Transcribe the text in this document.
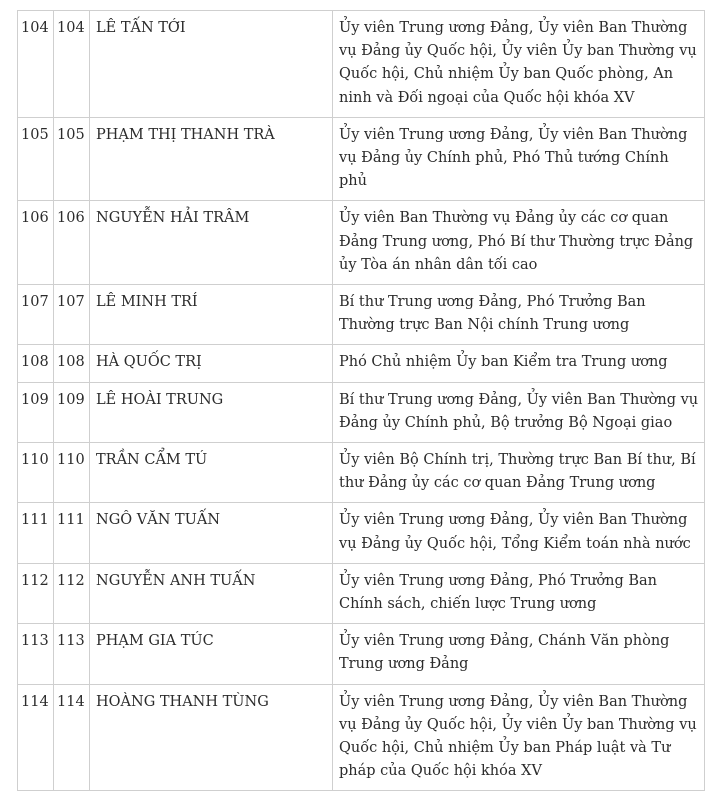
104	104	LÊ TẤN TỚI	Ủy viên Trung ương Đảng, Ủy viên Ban Thường vụ Đảng ủy Quốc hội, Ủy viên Ủy ban Thường vụ Quốc hội, Chủ nhiệm Ủy ban Quốc phòng, An ninh và Đối ngoại của Quốc hội khóa XV
105	105	PHẠM THỊ THANH TRÀ	Ủy viên Trung ương Đảng, Ủy viên Ban Thường vụ Đảng ủy Chính phủ, Phó Thủ tướng Chính phủ
106	106	NGUYỄN HẢI TRÂM	Ủy viên Ban Thường vụ Đảng ủy các cơ quan Đảng Trung ương, Phó Bí thư Thường trực Đảng ủy Tòa án nhân dân tối cao
107	107	LÊ MINH TRÍ	Bí thư Trung ương Đảng, Phó Trưởng Ban Thường trực Ban Nội chính Trung ương
108	108	HÀ QUỐC TRỊ	Phó Chủ nhiệm Ủy ban Kiểm tra Trung ương
109	109	LÊ HOÀI TRUNG	Bí thư Trung ương Đảng, Ủy viên Ban Thường vụ Đảng ủy Chính phủ, Bộ trưởng Bộ Ngoại giao
110	110	TRẦN CẨM TÚ	Ủy viên Bộ Chính trị, Thường trực Ban Bí thư, Bí thư Đảng ủy các cơ quan Đảng Trung ương
111	111	NGÔ VĂN TUẤN	Ủy viên Trung ương Đảng, Ủy viên Ban Thường vụ Đảng ủy Quốc hội, Tổng Kiểm toán nhà nước
112	112	NGUYỄN ANH TUẤN	Ủy viên Trung ương Đảng, Phó Trưởng Ban Chính sách, chiến lược Trung ương
113	113	PHẠM GIA TÚC	Ủy viên Trung ương Đảng, Chánh Văn phòng Trung ương Đảng
114	114	HOÀNG THANH TÙNG	Ủy viên Trung ương Đảng, Ủy viên Ban Thường vụ Đảng ủy Quốc hội, Ủy viên Ủy ban Thường vụ Quốc hội, Chủ nhiệm Ủy ban Pháp luật và Tư pháp của Quốc hội khóa XV
